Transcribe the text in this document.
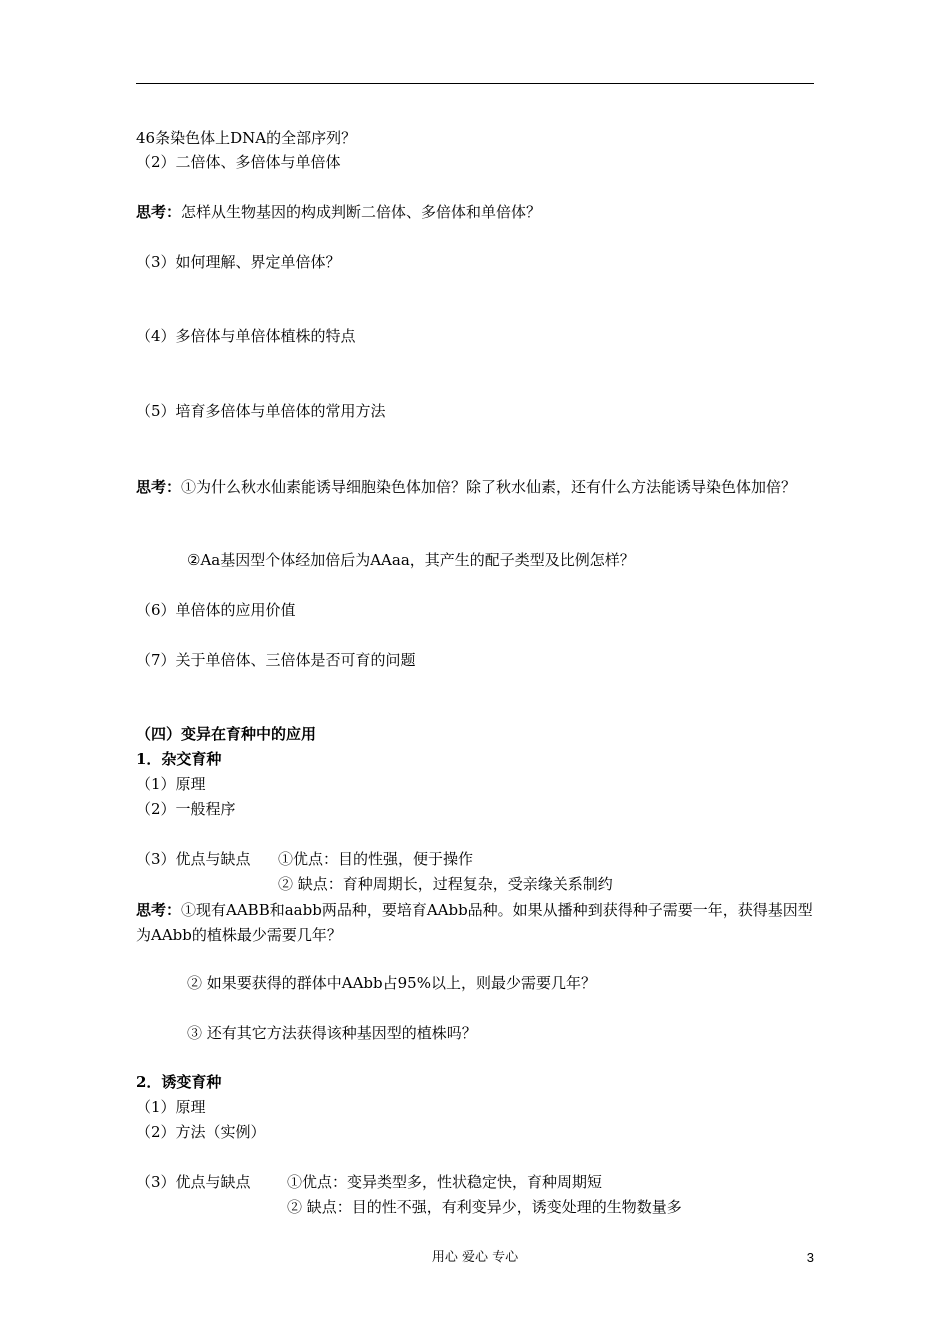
46条染色体上DNA的全部序列？
（2）二倍体、多倍体与单倍体
思考：怎样从生物基因的构成判断二倍体、多倍体和单倍体？
（3）如何理解、界定单倍体？
（4）多倍体与单倍体植株的特点
（5）培育多倍体与单倍体的常用方法
思考：①为什么秋水仙素能诱导细胞染色体加倍？除了秋水仙素，还有什么方法能诱导染色体加倍？
②Aa基因型个体经加倍后为AAaa，其产生的配子类型及比例怎样？
（6）单倍体的应用价值
（7）关于单倍体、三倍体是否可育的问题
（四）变异在育种中的应用
1．杂交育种
（1）原理
（2）一般程序
（3）优点与缺点 ①优点：目的性强，便于操作
② 缺点：育种周期长，过程复杂，受亲缘关系制约
思考：①现有AABB和aabb两品种，要培育AAbb品种。如果从播种到获得种子需要一年，获得基因型为AAbb的植株最少需要几年？
② 如果要获得的群体中AAbb占95%以上，则最少需要几年？
③ 还有其它方法获得该种基因型的植株吗？
2．诱变育种
（1）原理
（2）方法（实例）
（3）优点与缺点 ①优点：变异类型多，性状稳定快，育种周期短
② 缺点：目的性不强，有利变异少，诱变处理的生物数量多
用心 爱心 专心	3
